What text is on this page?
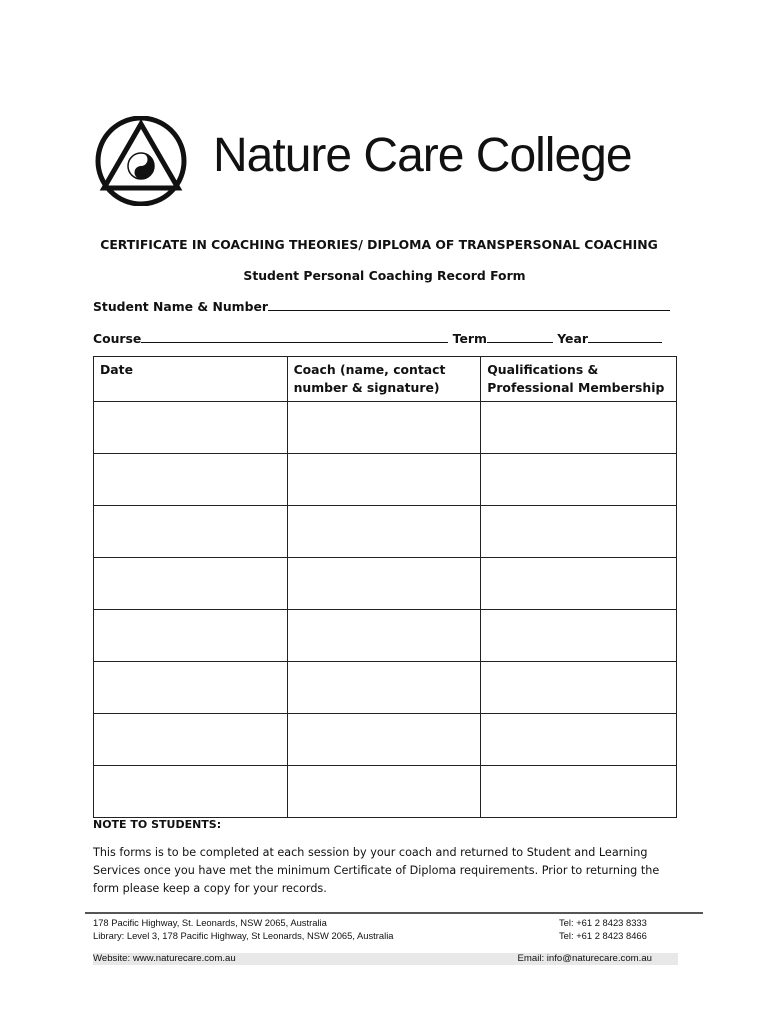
Nature Care College
CERTIFICATE IN COACHING THEORIES/ DIPLOMA OF TRANSPERSONAL COACHING
Student Personal Coaching Record Form
Student Name & Number
Course	Term	Year
Date	Coach (name, contact number & signature)	Qualifications & Professional Membership

NOTE TO STUDENTS:
This forms is to be completed at each session by your coach and returned to Student and Learning Services once you have met the minimum Certificate of Diploma requirements. Prior to returning the form please keep a copy for your records.
178 Pacific Highway, St. Leonards, NSW 2065, Australia
Library: Level 3, 178 Pacific Highway, St Leonards, NSW 2065, Australia
Tel: +61 2 8423 8333
Tel: +61 2 8423 8466
Website: www.naturecare.com.au	Email: info@naturecare.com.au
